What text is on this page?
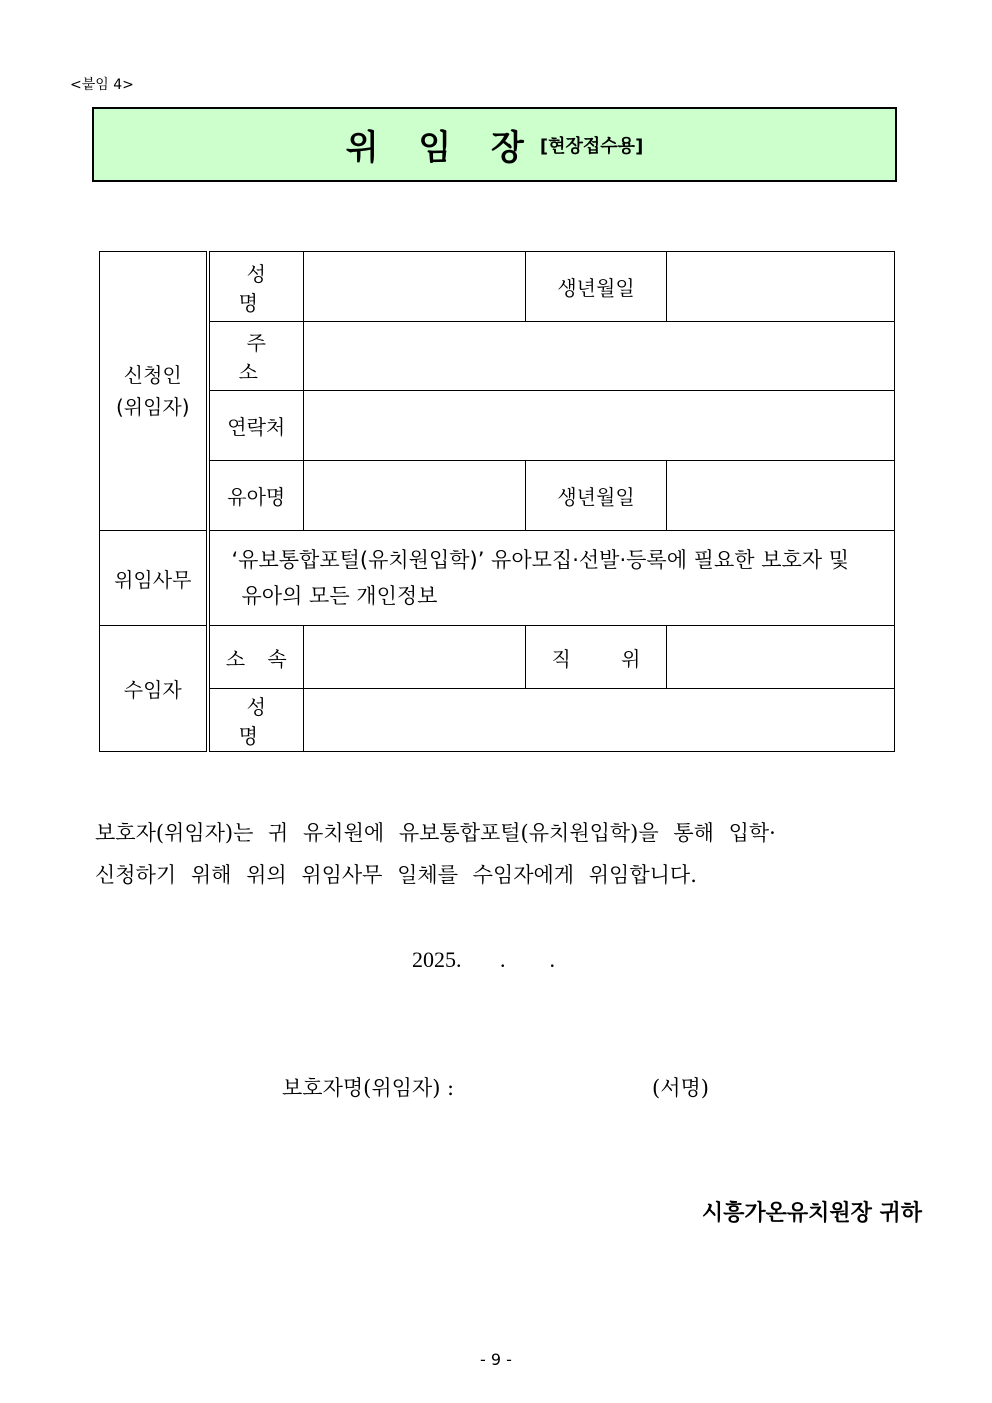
<붙임 4>
위 임 장 [현장접수용]
신청인
(위임자)	성 명		생년월일	
	주 소			
	연락처			
	유아명		생년월일	
위임사무	‘유보통합포털(유치원입학)’ 유아모집·선발·등록에 필요한 보호자 및
유아의 모든 개인정보			

수임자	소 속		직 위	
	성 명			
보호자(위임자)는 귀 유치원에 유보통합포털(유치원입학)을 통해 입학·
신청하기 위해 위의 위임사무 일체를 수임자에게 위임합니다.
2025.       .        .
보호자명(위임자) :	(서명)
시흥가온유치원장 귀하
- 9 -
